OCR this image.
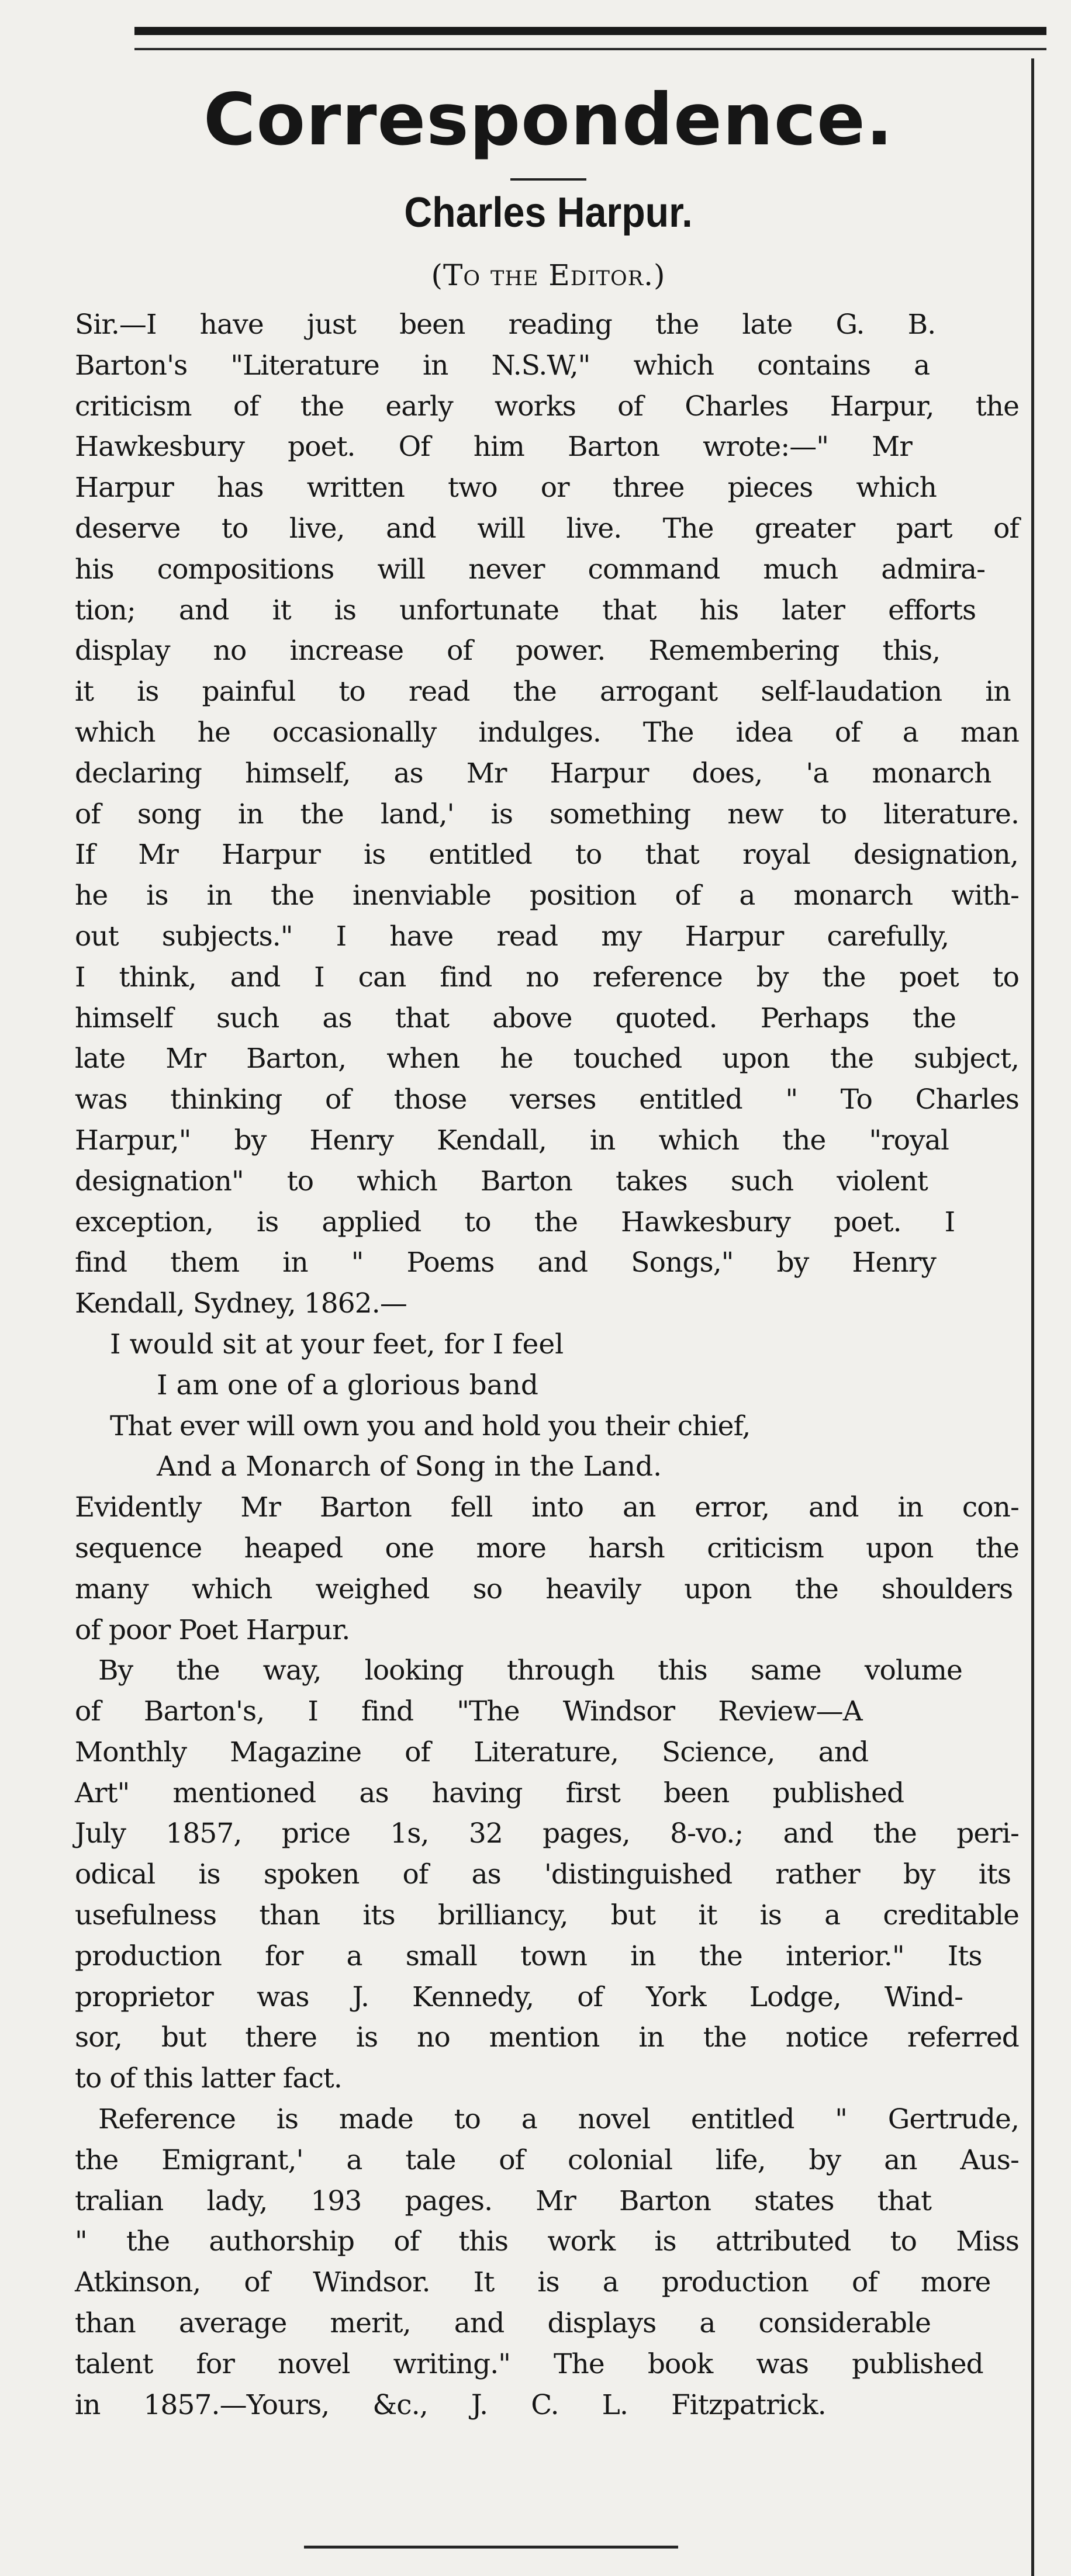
Correspondence.
Charles Harpur.
(To the Editor.)
Sir.—I have just been reading the late G. B.
Barton's "Literature in N.S.W," which contains a
criticism of the early works of Charles Harpur, the
Hawkesbury poet. Of him Barton wrote:—" Mr
Harpur has written two or three pieces which
deserve to live, and will live. The greater part of
his compositions will never command much admira-
tion; and it is unfortunate that his later efforts
display no increase of power. Remembering this,
it is painful to read the arrogant self-laudation in
which he occasionally indulges. The idea of a man
declaring himself, as Mr Harpur does, 'a monarch
of song in the land,' is something new to literature.
If Mr Harpur is entitled to that royal designation,
he is in the inenviable position of a monarch with-
out subjects." I have read my Harpur carefully,
I think, and I can find no reference by the poet to
himself such as that above quoted. Perhaps the
late Mr Barton, when he touched upon the subject,
was thinking of those verses entitled " To Charles
Harpur," by Henry Kendall, in which the "royal
designation" to which Barton takes such violent
exception, is applied to the Hawkesbury poet. I
find them in " Poems and Songs," by Henry
Kendall, Sydney, 1862.—
I would sit at your feet, for I feel
I am one of a glorious band
That ever will own you and hold you their chief,
And a Monarch of Song in the Land.
Evidently Mr Barton fell into an error, and in con-
sequence heaped one more harsh criticism upon the
many which weighed so heavily upon the shoulders
of poor Poet Harpur.
By the way, looking through this same volume
of Barton's, I find "The Windsor Review—A
Monthly Magazine of Literature, Science, and
Art" mentioned as having first been published
July 1857, price 1s, 32 pages, 8-vo.; and the peri-
odical is spoken of as 'distinguished rather by its
usefulness than its brilliancy, but it is a creditable
production for a small town in the interior." Its
proprietor was J. Kennedy, of York Lodge, Wind-
sor, but there is no mention in the notice referred
to of this latter fact.
Reference is made to a novel entitled " Gertrude,
the Emigrant,' a tale of colonial life, by an Aus-
tralian lady, 193 pages. Mr Barton states that
" the authorship of this work is attributed to Miss
Atkinson, of Windsor. It is a production of more
than average merit, and displays a considerable
talent for novel writing." The book was published
in 1857.—Yours, &c., J. C. L. Fitzpatrick.
